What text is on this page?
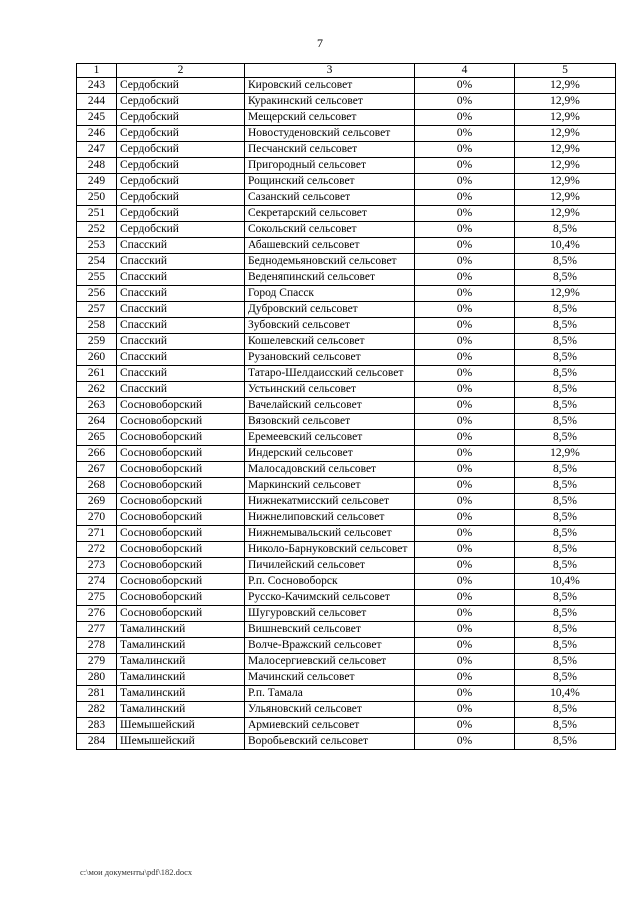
7
1	2	3	4	5
243	Сердобский	Кировский сельсовет	0%	12,9%
244	Сердобский	Куракинский сельсовет	0%	12,9%
245	Сердобский	Мещерский сельсовет	0%	12,9%
246	Сердобский	Новостуденовский сельсовет	0%	12,9%
247	Сердобский	Песчанский сельсовет	0%	12,9%
248	Сердобский	Пригородный сельсовет	0%	12,9%
249	Сердобский	Рощинский сельсовет	0%	12,9%
250	Сердобский	Сазанский сельсовет	0%	12,9%
251	Сердобский	Секретарский сельсовет	0%	12,9%
252	Сердобский	Сокольский сельсовет	0%	8,5%
253	Спасский	Абашевский сельсовет	0%	10,4%
254	Спасский	Беднодемьяновский сельсовет	0%	8,5%
255	Спасский	Веденяпинский сельсовет	0%	8,5%
256	Спасский	Город Спасск	0%	12,9%
257	Спасский	Дубровский сельсовет	0%	8,5%
258	Спасский	Зубовский сельсовет	0%	8,5%
259	Спасский	Кошелевский сельсовет	0%	8,5%
260	Спасский	Рузановский сельсовет	0%	8,5%
261	Спасский	Татаро-Шелдаисский сельсовет	0%	8,5%
262	Спасский	Устьинский сельсовет	0%	8,5%
263	Сосновоборский	Вачелайский сельсовет	0%	8,5%
264	Сосновоборский	Вязовский сельсовет	0%	8,5%
265	Сосновоборский	Еремеевский сельсовет	0%	8,5%
266	Сосновоборский	Индерский сельсовет	0%	12,9%
267	Сосновоборский	Малосадовский сельсовет	0%	8,5%
268	Сосновоборский	Маркинский сельсовет	0%	8,5%
269	Сосновоборский	Нижнекатмисский сельсовет	0%	8,5%
270	Сосновоборский	Нижнелиповский сельсовет	0%	8,5%
271	Сосновоборский	Нижнемывальский сельсовет	0%	8,5%
272	Сосновоборский	Николо-Барнуковский сельсовет	0%	8,5%
273	Сосновоборский	Пичилейский сельсовет	0%	8,5%
274	Сосновоборский	Р.п. Сосновоборск	0%	10,4%
275	Сосновоборский	Русско-Качимский сельсовет	0%	8,5%
276	Сосновоборский	Шугуровский сельсовет	0%	8,5%
277	Тамалинский	Вишневский сельсовет	0%	8,5%
278	Тамалинский	Волче-Вражский сельсовет	0%	8,5%
279	Тамалинский	Малосергиевский сельсовет	0%	8,5%
280	Тамалинский	Мачинский сельсовет	0%	8,5%
281	Тамалинский	Р.п. Тамала	0%	10,4%
282	Тамалинский	Ульяновский сельсовет	0%	8,5%
283	Шемышейский	Армиевский сельсовет	0%	8,5%
284	Шемышейский	Воробьевский сельсовет	0%	8,5%
c:\мои документы\pdf\182.docx
